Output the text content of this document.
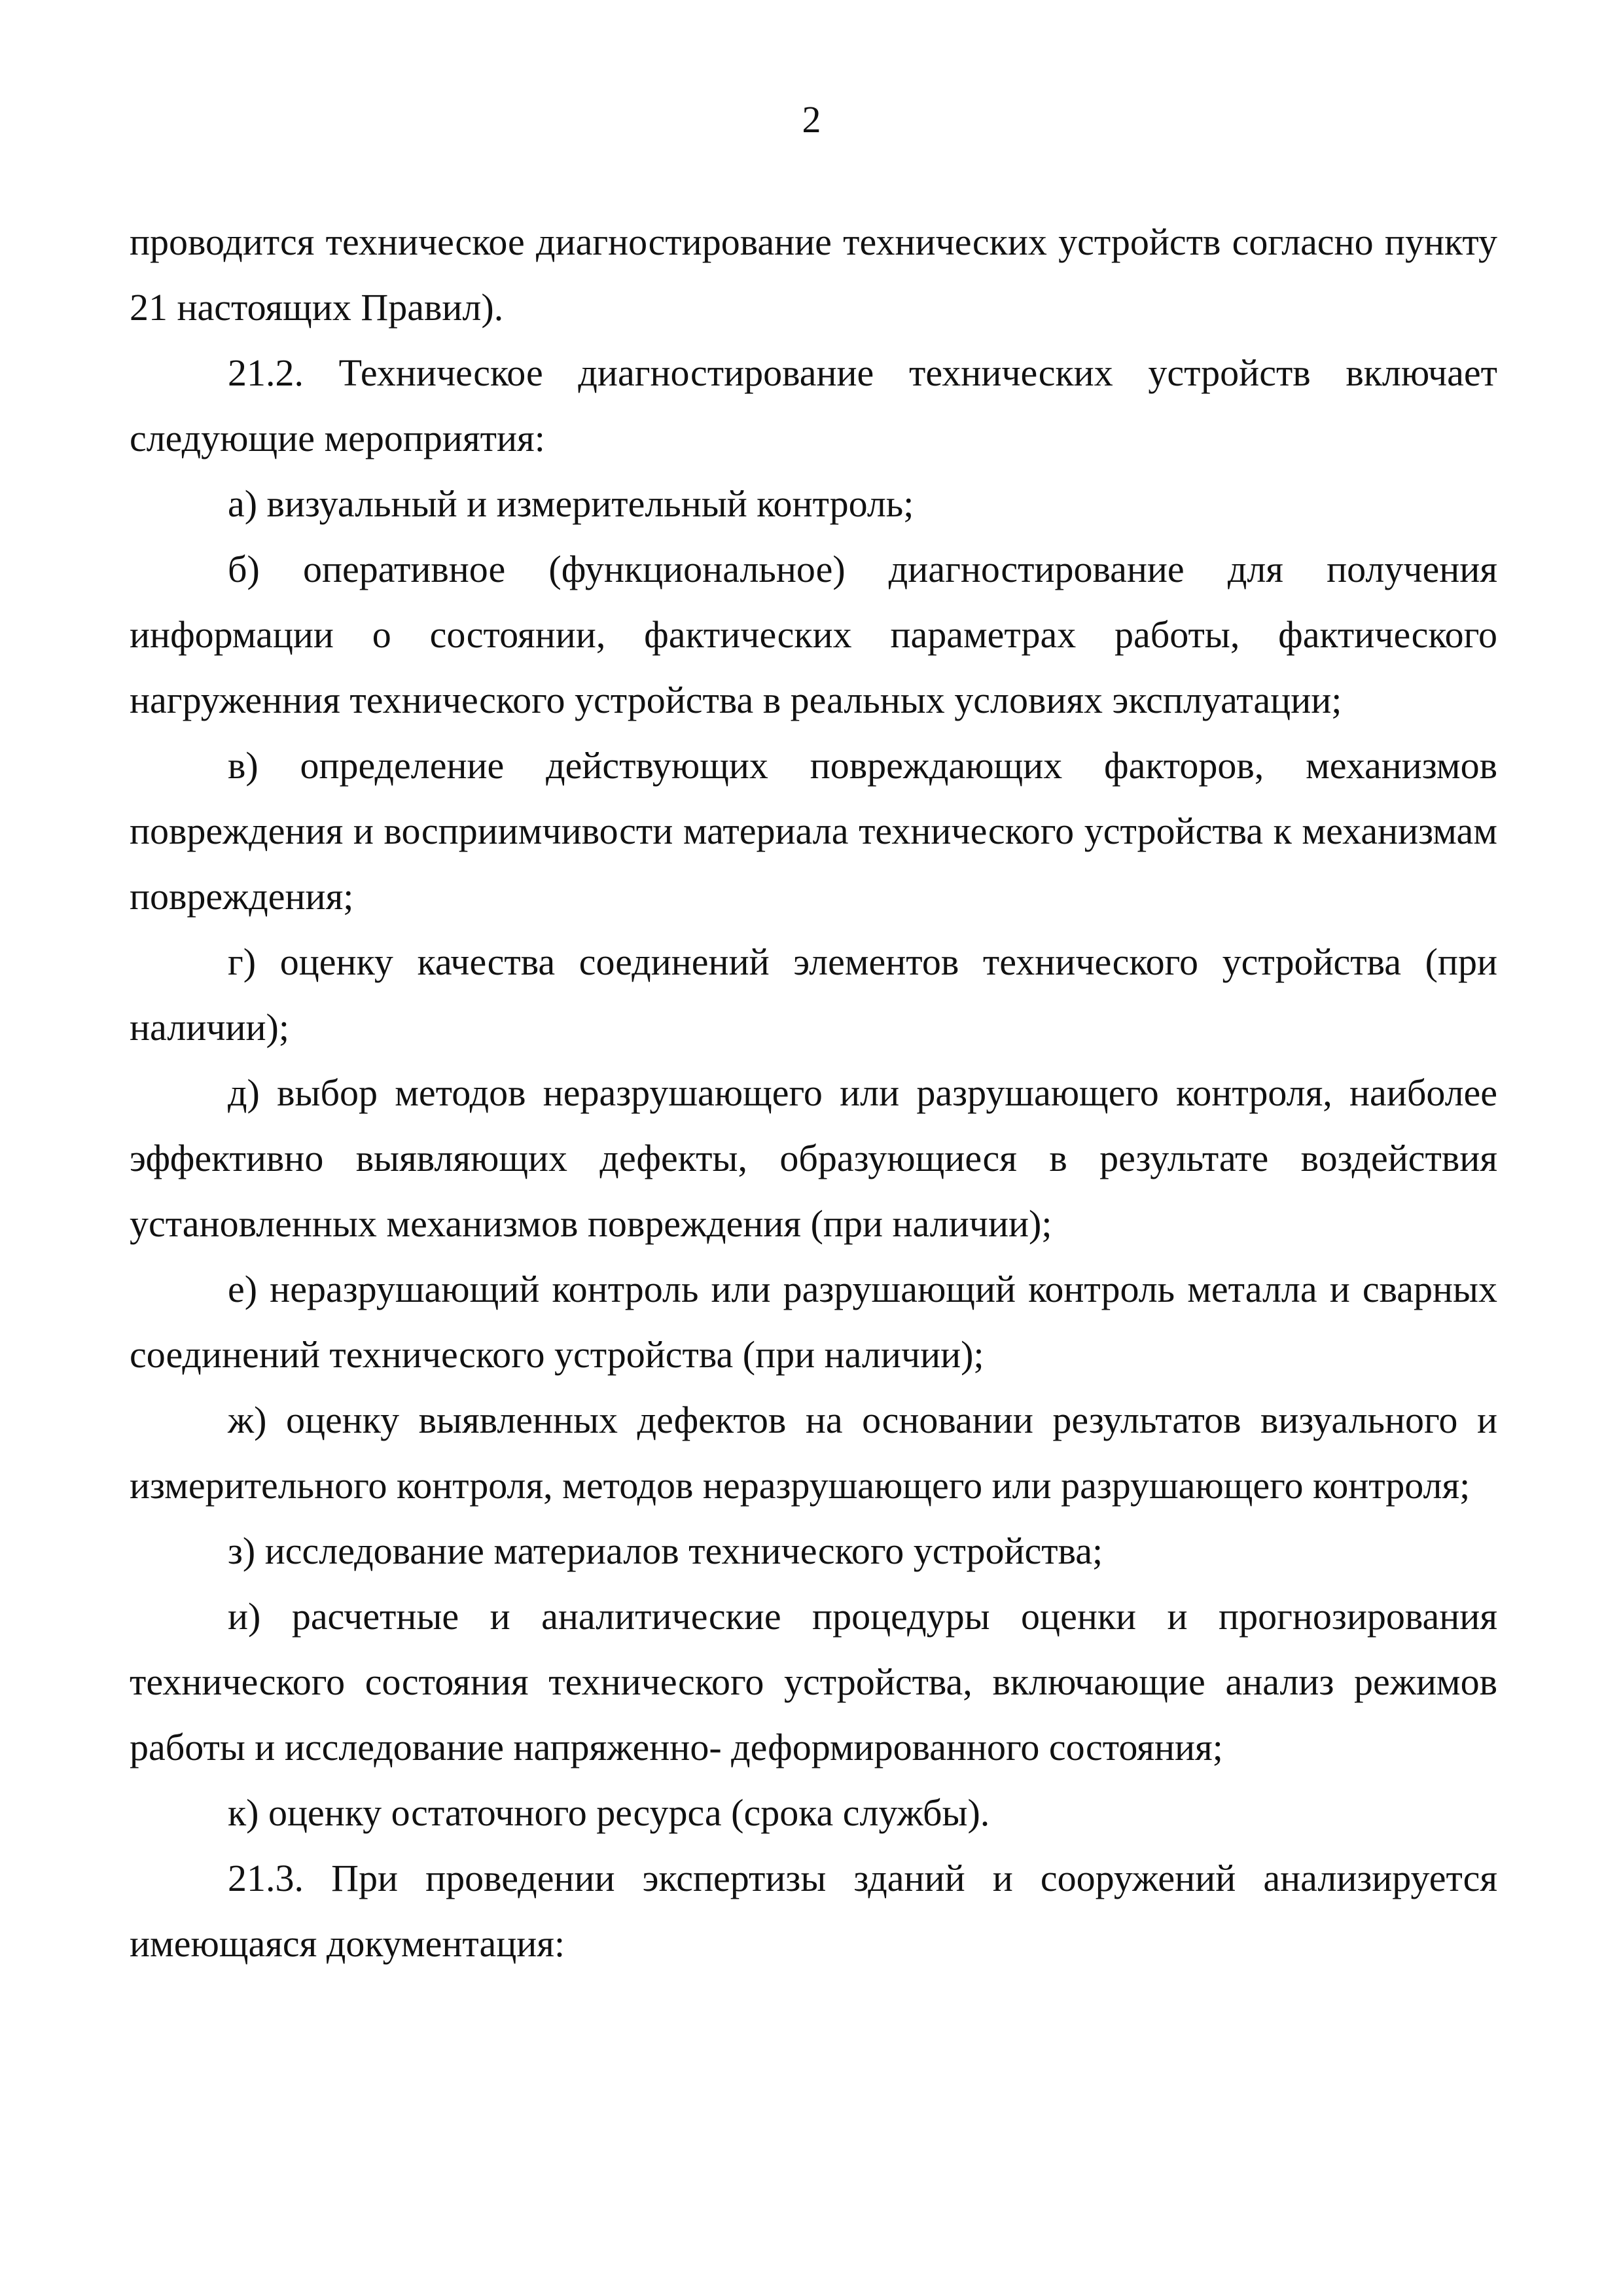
2

проводится техническое диагностирование технических устройств согласно пункту 21 настоящих Правил).

21.2. Техническое диагностирование технических устройств включает следующие мероприятия:

а) визуальный и измерительный контроль;

б) оперативное (функциональное) диагностирование для получения информации о состоянии, фактических параметрах работы, фактического нагруженния технического устройства в реальных условиях эксплуатации;

в) определение действующих повреждающих факторов, механизмов повреждения и восприимчивости материала технического устройства к механизмам повреждения;

г) оценку качества соединений элементов технического устройства (при наличии);

д) выбор методов неразрушающего или разрушающего контроля, наиболее эффективно выявляющих дефекты, образующиеся в результате воздействия установленных механизмов повреждения (при наличии);

е) неразрушающий контроль или разрушающий контроль металла и сварных соединений технического устройства (при наличии);

ж) оценку выявленных дефектов на основании результатов визуального и измерительного контроля, методов неразрушающего или разрушающего контроля;

з) исследование материалов технического устройства;

и) расчетные и аналитические процедуры оценки и прогнозирования технического состояния технического устройства, включающие анализ режимов работы и исследование напряженно- деформированного состояния;

к) оценку остаточного ресурса (срока службы).

21.3. При проведении экспертизы зданий и сооружений анализируется имеющаяся документация:
